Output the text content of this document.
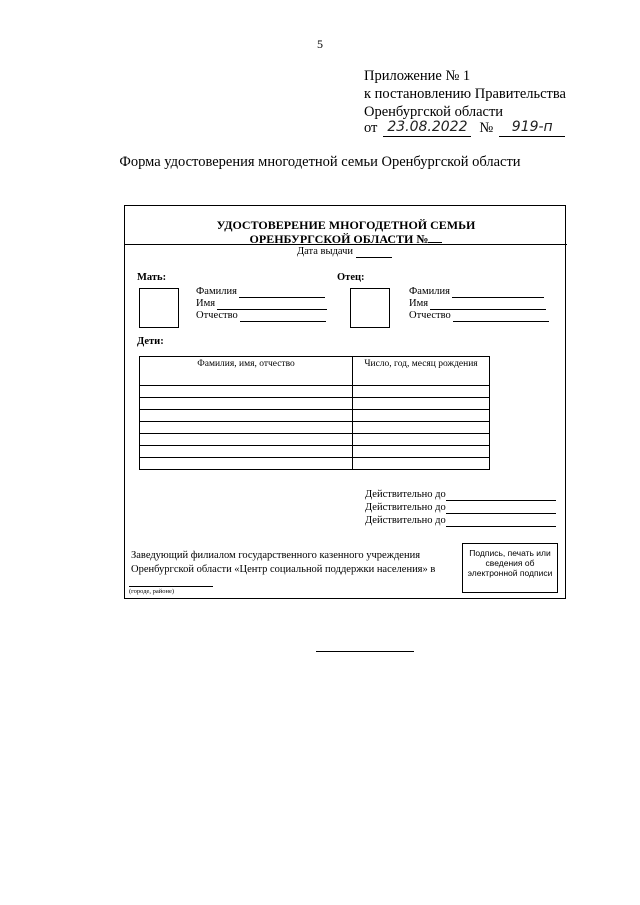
5
Приложение № 1
к постановлению Правительства
Оренбургской области
от 23.08.2022 №	919-п
Форма удостоверения многодетной семьи Оренбургской области
УДОСТОВЕРЕНИЕ МНОГОДЕТНОЙ СЕМЬИ
ОРЕНБУРГСКОЙ ОБЛАСТИ №
Дата выдачи
Мать:
Фамилия
Имя
Отчество
Отец:
Фамилия
Имя
Отчество
Дети:
Фамилия, имя, отчество	Число, год, месяц рождения

Действительно до
Действительно до
Действительно до
Заведующий филиалом государственного казенного учреждения
Оренбургской области «Центр социальной поддержки населения» в
(городе, районе)
Подпись, печать или сведения об электронной подписи
